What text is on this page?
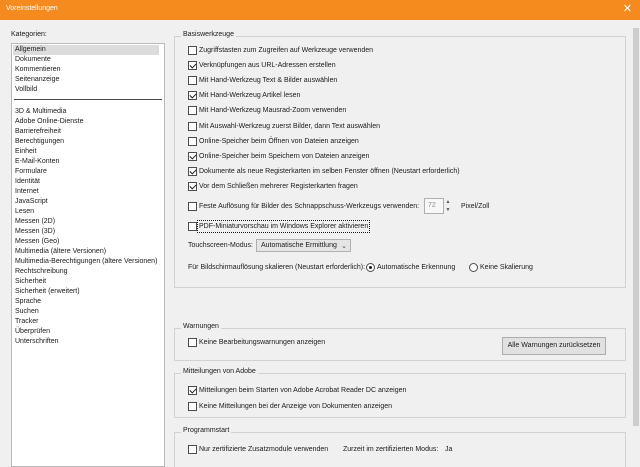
Voreinstellungen	✕
Kategorien:
Allgemein
Dokumente
Kommentieren
Seitenanzeige
Vollbild
3D & Multimedia
Adobe Online-Dienste
Barrierefreiheit
Berechtigungen
Einheit
E-Mail-Konten
Formulare
Identität
Internet
JavaScript
Lesen
Messen (2D)
Messen (3D)
Messen (Geo)
Multimedia (ältere Versionen)
Multimedia-Berechtigungen (ältere Versionen)
Rechtschreibung
Sicherheit
Sicherheit (erweitert)
Sprache
Suchen
Tracker
Überprüfen
Unterschriften
Basiswerkzeuge
Zugriffstasten zum Zugreifen auf Werkzeuge verwenden
Verknüpfungen aus URL-Adressen erstellen
Mit Hand-Werkzeug Text & Bilder auswählen
Mit Hand-Werkzeug Artikel lesen
Mit Hand-Werkzeug Mausrad-Zoom verwenden
Mit Auswahl-Werkzeug zuerst Bilder, dann Text auswählen
Online-Speicher beim Öffnen von Dateien anzeigen
Online-Speicher beim Speichern von Dateien anzeigen
Dokumente als neue Registerkarten im selben Fenster öffnen (Neustart erforderlich)
Vor dem Schließen mehrerer Registerkarten fragen
Feste Auflösung für Bilder des Schnappschuss-Werkzeugs verwenden:	72	▲
▼ Pixel/Zoll
PDF-Miniaturvorschau im Windows Explorer aktivieren
Touchscreen-Modus:	Automatische Ermittlung ⌄
Für Bildschirmauflösung skalieren (Neustart erforderlich): Automatische Erkennung	Keine Skalierung
Warnungen
Keine Bearbeitungswarnungen anzeigen	Alle Warnungen zurücksetzen
Mitteilungen von Adobe
Mitteilungen beim Starten von Adobe Acrobat Reader DC anzeigen
Keine Mitteilungen bei der Anzeige von Dokumenten anzeigen
Programmstart
Nur zertifizierte Zusatzmodule verwenden Zurzeit im zertifizierten Modus: Ja
